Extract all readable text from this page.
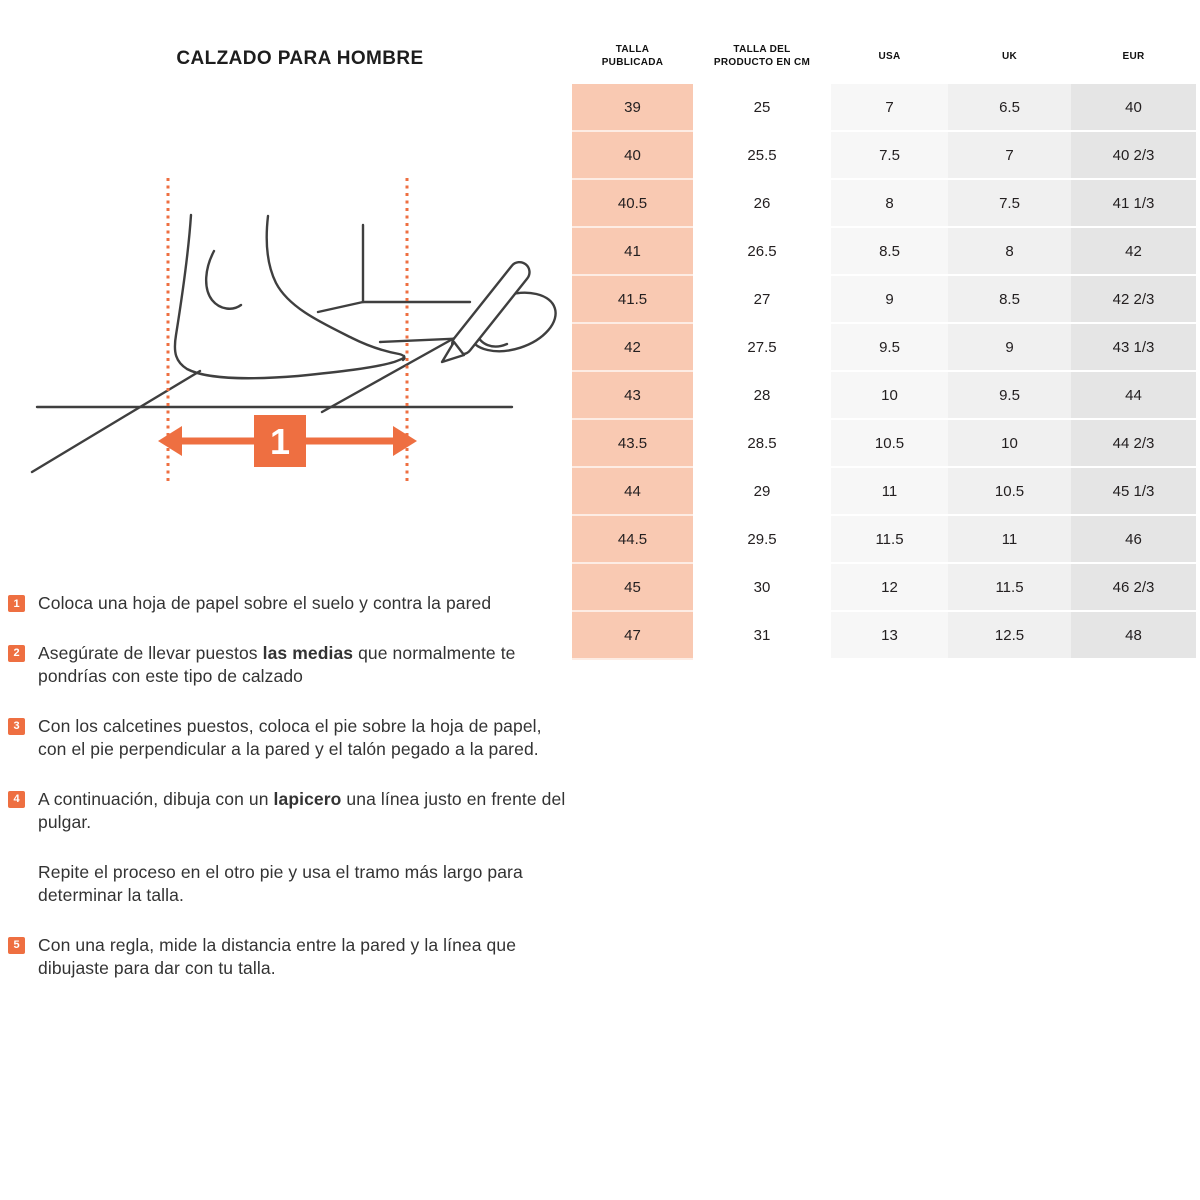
CALZADO PARA HOMBRE
1
1	Coloca una hoja de papel sobre el suelo y contra la pared

2	Asegúrate de llevar puestos las medias que normalmente te pondrías con este tipo de calzado

3	Con los calcetines puestos, coloca el pie sobre la hoja de papel, con el pie perpendicular a la pared y el talón pegado a la pared.

4	A continuación, dibuja con un lapicero una línea justo en frente del pulgar.

Repite el proceso en el otro pie y usa el tramo más largo para determinar la talla.

5	Con una regla, mide la distancia entre la pared y la línea que dibujaste para dar con tu talla.

TALLA PUBLICADA	TALLA DEL PRODUCTO EN CM	USA	UK	EUR
39	25	7	6.5	40
40	25.5	7.5	7	40 2/3
40.5	26	8	7.5	41 1/3
41	26.5	8.5	8	42
41.5	27	9	8.5	42 2/3
42	27.5	9.5	9	43 1/3
43	28	10	9.5	44
43.5	28.5	10.5	10	44 2/3
44	29	11	10.5	45 1/3
44.5	29.5	11.5	11	46
45	30	12	11.5	46 2/3
47	31	13	12.5	48
